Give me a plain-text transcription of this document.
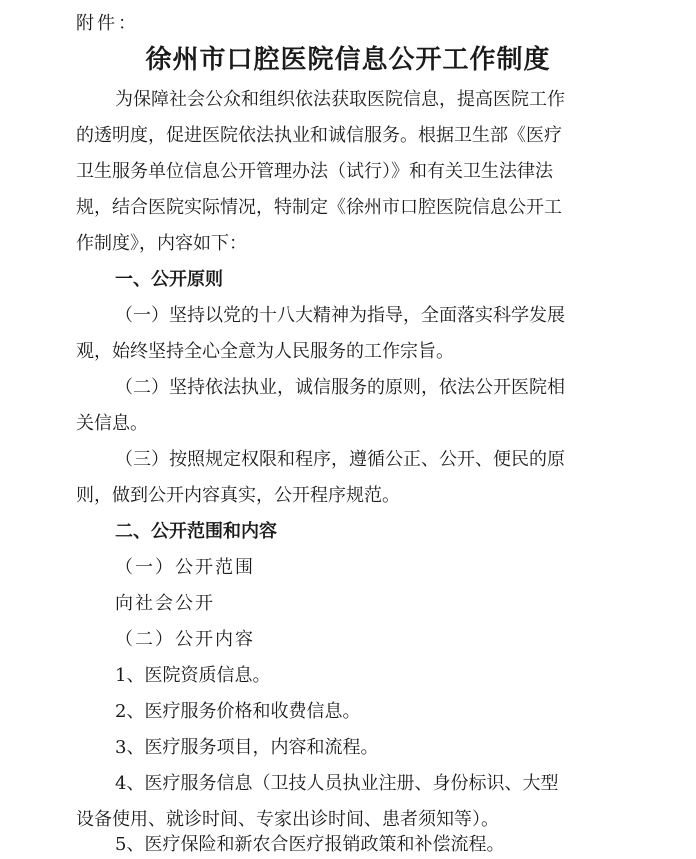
附件：
徐州市口腔医院信息公开工作制度
为保障社会公众和组织依法获取医院信息，提高医院工作
的透明度，促进医院依法执业和诚信服务。根据卫生部《医疗
卫生服务单位信息公开管理办法（试行）》和有关卫生法律法
规，结合医院实际情况，特制定《徐州市口腔医院信息公开工
作制度》，内容如下：
一、公开原则
（一）坚持以党的十八大精神为指导，全面落实科学发展
观，始终坚持全心全意为人民服务的工作宗旨。
（二）坚持依法执业，诚信服务的原则，依法公开医院相
关信息。
（三）按照规定权限和程序，遵循公正、公开、便民的原
则，做到公开内容真实，公开程序规范。
二、公开范围和内容
（一）公开范围
向社会公开
（二）公开内容
1、医院资质信息。
2、医疗服务价格和收费信息。
3、医疗服务项目，内容和流程。
4、医疗服务信息（卫技人员执业注册、身份标识、大型
设备使用、就诊时间、专家出诊时间、患者须知等）。
5、医疗保险和新农合医疗报销政策和补偿流程。
